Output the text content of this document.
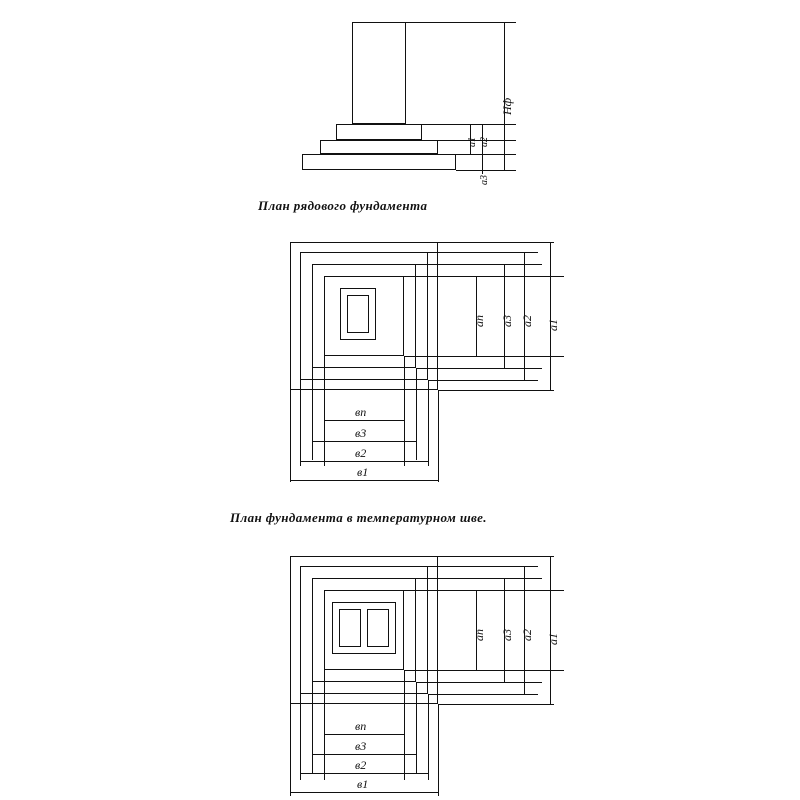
Hф
a2
a1
a3
План рядового фундамента
ап а3 а2 а1
вп
в3
в2
в1
План фундамента в температурном шве.
ап а3 а2 а1
вп
в3
в2
в1
